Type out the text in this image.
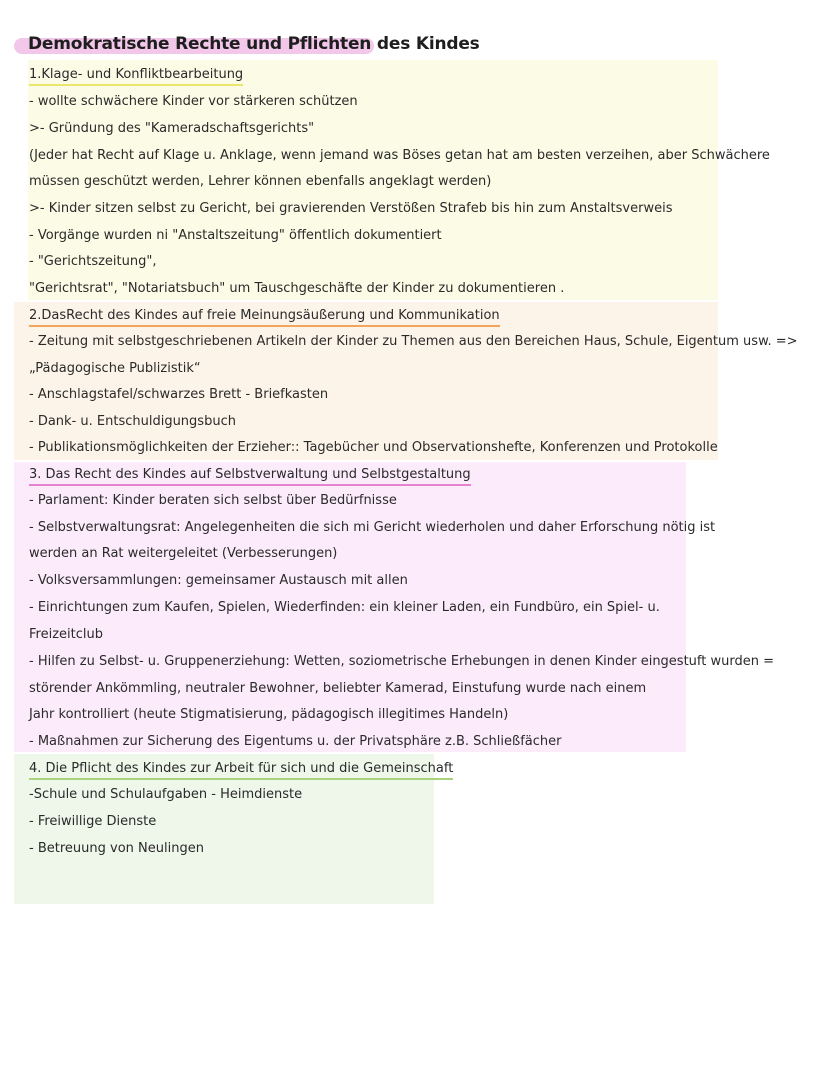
Demokratische Rechte und Pflichten des Kindes
1.Klage- und Konfliktbearbeitung
- wollte schwächere Kinder vor stärkeren schützen
>- Gründung des "Kameradschaftsgerichts"
(Jeder hat Recht auf Klage u. Anklage, wenn jemand was Böses getan hat am besten verzeihen, aber Schwächere
müssen geschützt werden, Lehrer können ebenfalls angeklagt werden)
>- Kinder sitzen selbst zu Gericht, bei gravierenden Verstößen Strafeb bis hin zum Anstaltsverweis
- Vorgänge wurden ni "Anstaltszeitung" öffentlich dokumentiert
- "Gerichtszeitung",
"Gerichtsrat", "Notariatsbuch" um Tauschgeschäfte der Kinder zu dokumentieren .
2.DasRecht des Kindes auf freie Meinungsäußerung und Kommunikation
- Zeitung mit selbstgeschriebenen Artikeln der Kinder zu Themen aus den Bereichen Haus, Schule, Eigentum usw. =>
„Pädagogische Publizistik“
- Anschlagstafel/schwarzes Brett - Briefkasten
- Dank- u. Entschuldigungsbuch
- Publikationsmöglichkeiten der Erzieher:: Tagebücher und Observationshefte, Konferenzen und Protokolle
3. Das Recht des Kindes auf Selbstverwaltung und Selbstgestaltung
- Parlament: Kinder beraten sich selbst über Bedürfnisse
- Selbstverwaltungsrat: Angelegenheiten die sich mi Gericht wiederholen und daher Erforschung nötig ist
werden an Rat weitergeleitet (Verbesserungen)
- Volksversammlungen: gemeinsamer Austausch mit allen
- Einrichtungen zum Kaufen, Spielen, Wiederfinden: ein kleiner Laden, ein Fundbüro, ein Spiel- u.
Freizeitclub
- Hilfen zu Selbst- u. Gruppenerziehung: Wetten, soziometrische Erhebungen in denen Kinder eingestuft wurden =
störender Ankömmling, neutraler Bewohner, beliebter Kamerad, Einstufung wurde nach einem
Jahr kontrolliert (heute Stigmatisierung, pädagogisch illegitimes Handeln)
- Maßnahmen zur Sicherung des Eigentums u. der Privatsphäre z.B. Schließfächer
4. Die Pflicht des Kindes zur Arbeit für sich und die Gemeinschaft
-Schule und Schulaufgaben - Heimdienste
- Freiwillige Dienste
- Betreuung von Neulingen
